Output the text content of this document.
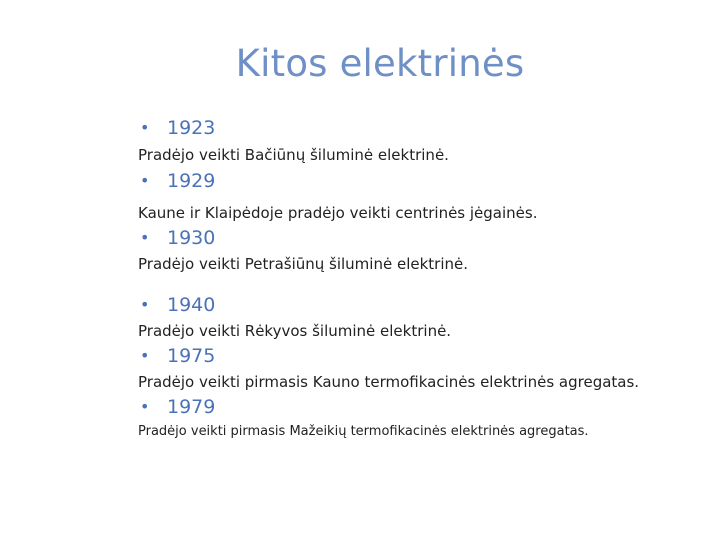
Kitos elektrinės
• 1923
Pradėjo veikti Bačiūnų šiluminė elektrinė.
• 1929
Kaune ir Klaipėdoje pradėjo veikti centrinės jėgainės.
• 1930
Pradėjo veikti Petrašiūnų šiluminė elektrinė.
• 1940
Pradėjo veikti Rėkyvos šiluminė elektrinė.
• 1975
Pradėjo veikti pirmasis Kauno termofikacinės elektrinės agregatas.
• 1979
Pradėjo veikti pirmasis Mažeikių termofikacinės elektrinės agregatas.
